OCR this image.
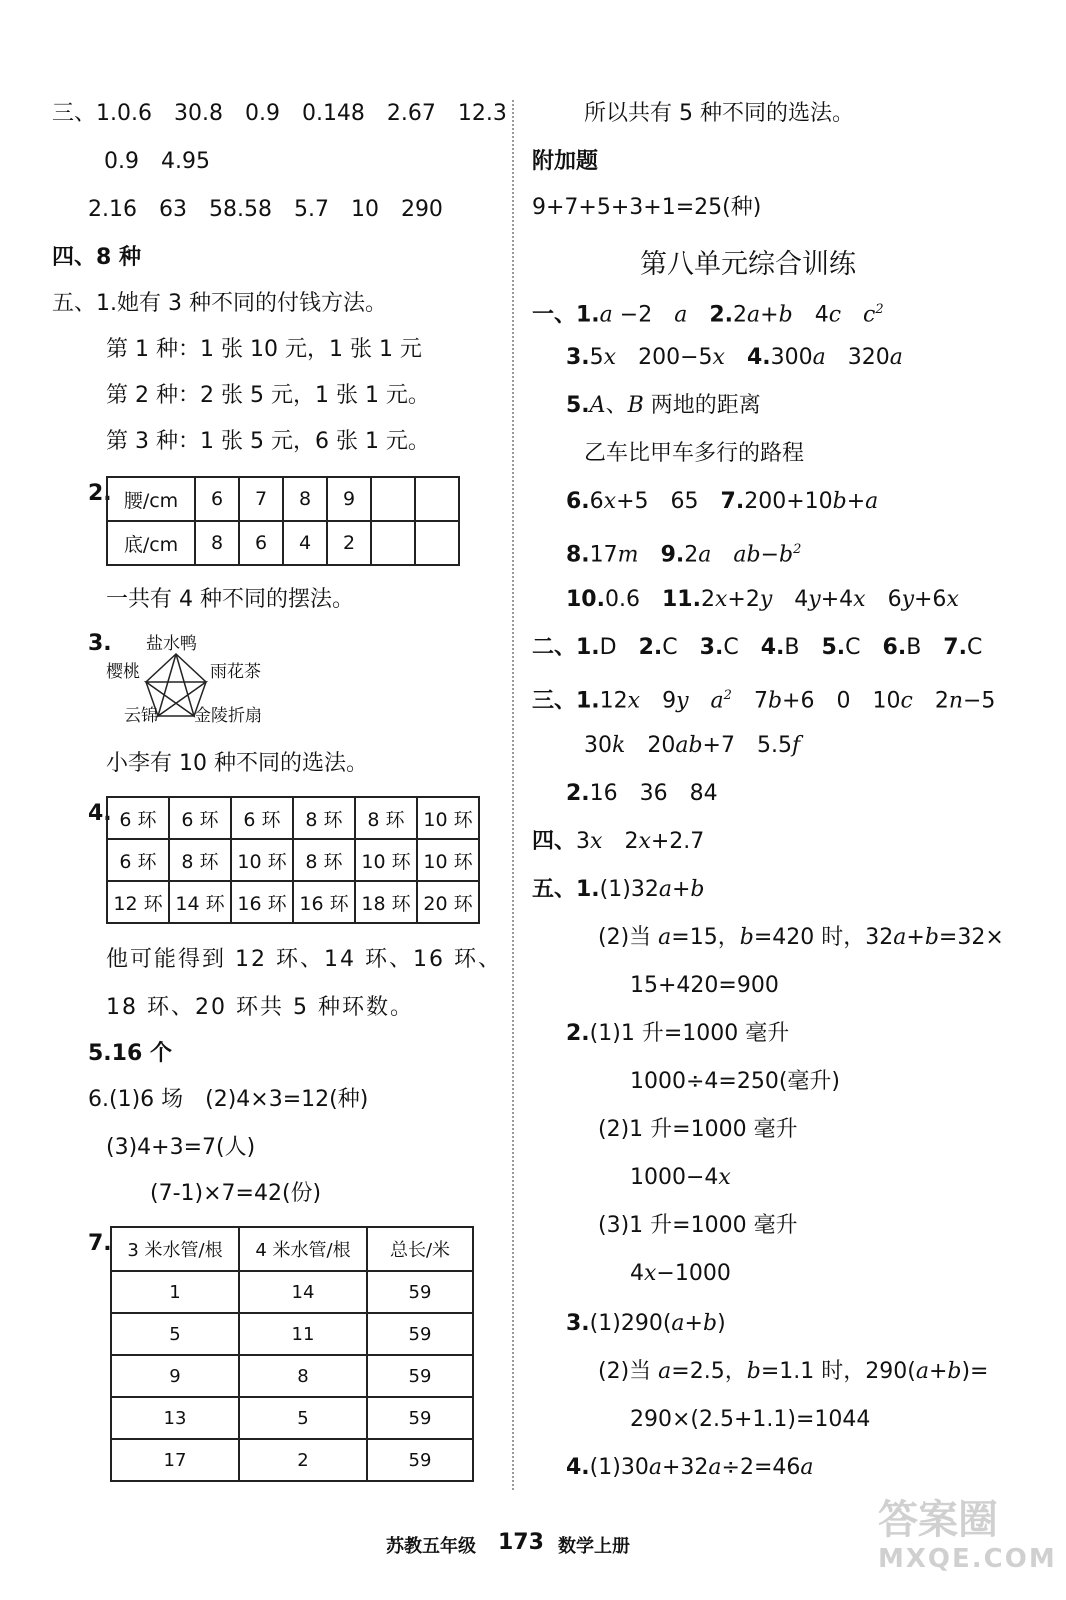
三、1.0.6　30.8　0.9　0.148　2.67　12.3
0.9　4.95
2.16　63　58.58　5.7　10　290
四、8 种
五、1.她有 3 种不同的付钱方法。
第 1 种：1 张 10 元，1 张 1 元
第 2 种：2 张 5 元，1 张 1 元。
第 3 种：1 张 5 元，6 张 1 元。
2. 腰/cm	6	7	8	9		
底/cm	8	6	4	2		
一共有 4 种不同的摆法。
3. 盐水鸭
樱桃	雨花茶
云锦 金陵折扇
小李有 10 种不同的选法。
4. 6 环	6 环	6 环	8 环	8 环	10 环
6 环	8 环	10 环	8 环	10 环	10 环
12 环	14 环	16 环	16 环	18 环	20 环
他可能得到 12 环、14 环、16 环、
18 环、20 环共 5 种环数。
5.16 个
6.(1)6 场　(2)4×3=12(种)
(3)4+3=7(人)
(7-1)×7=42(份)
7. 3 米水管/根	4 米水管/根	总长/米
1	14	59
5	11	59
9	8	59
13	5	59
17	2	59
所以共有 5 种不同的选法。
附加题
9+7+5+3+1=25(种)
第八单元综合训练
一、1.a −2　a　 2.2a+b　4c　 $c^2$
3.5x　200−5x　 4.300a　320a
5.A、B 两地的距离
乙车比甲车多行的路程
6.6x+5　65　7.200+10b+a
8.17m　 9.2a　 $ab-b^2$
10.0.6　11.2x+2y　4y+4x　6y+6x
二、1.D　2.C　3.C　4.B　5.C　6.B　7.C
三、1.12x　9y　 $a^2$　7b+6　0　10c　2n−5
30k　20ab+7　5.5f
2.16　36　84
四、3x　2x+2.7
五、1.(1)32a+b
(2)当 a=15，b=420 时，32a+b=32×
15+420=900
2.(1)1 升=1000 毫升
1000÷4=250(毫升)
(2)1 升=1000 毫升
1000−4x
(3)1 升=1000 毫升
4x−1000
3.(1)290(a+b)
(2)当 a=2.5，b=1.1 时，290(a+b)=
290×(2.5+1.1)=1044
4.(1)30a+32a÷2=46a
苏教五年级 173 数学上册
答案圈
MXQE.COM
